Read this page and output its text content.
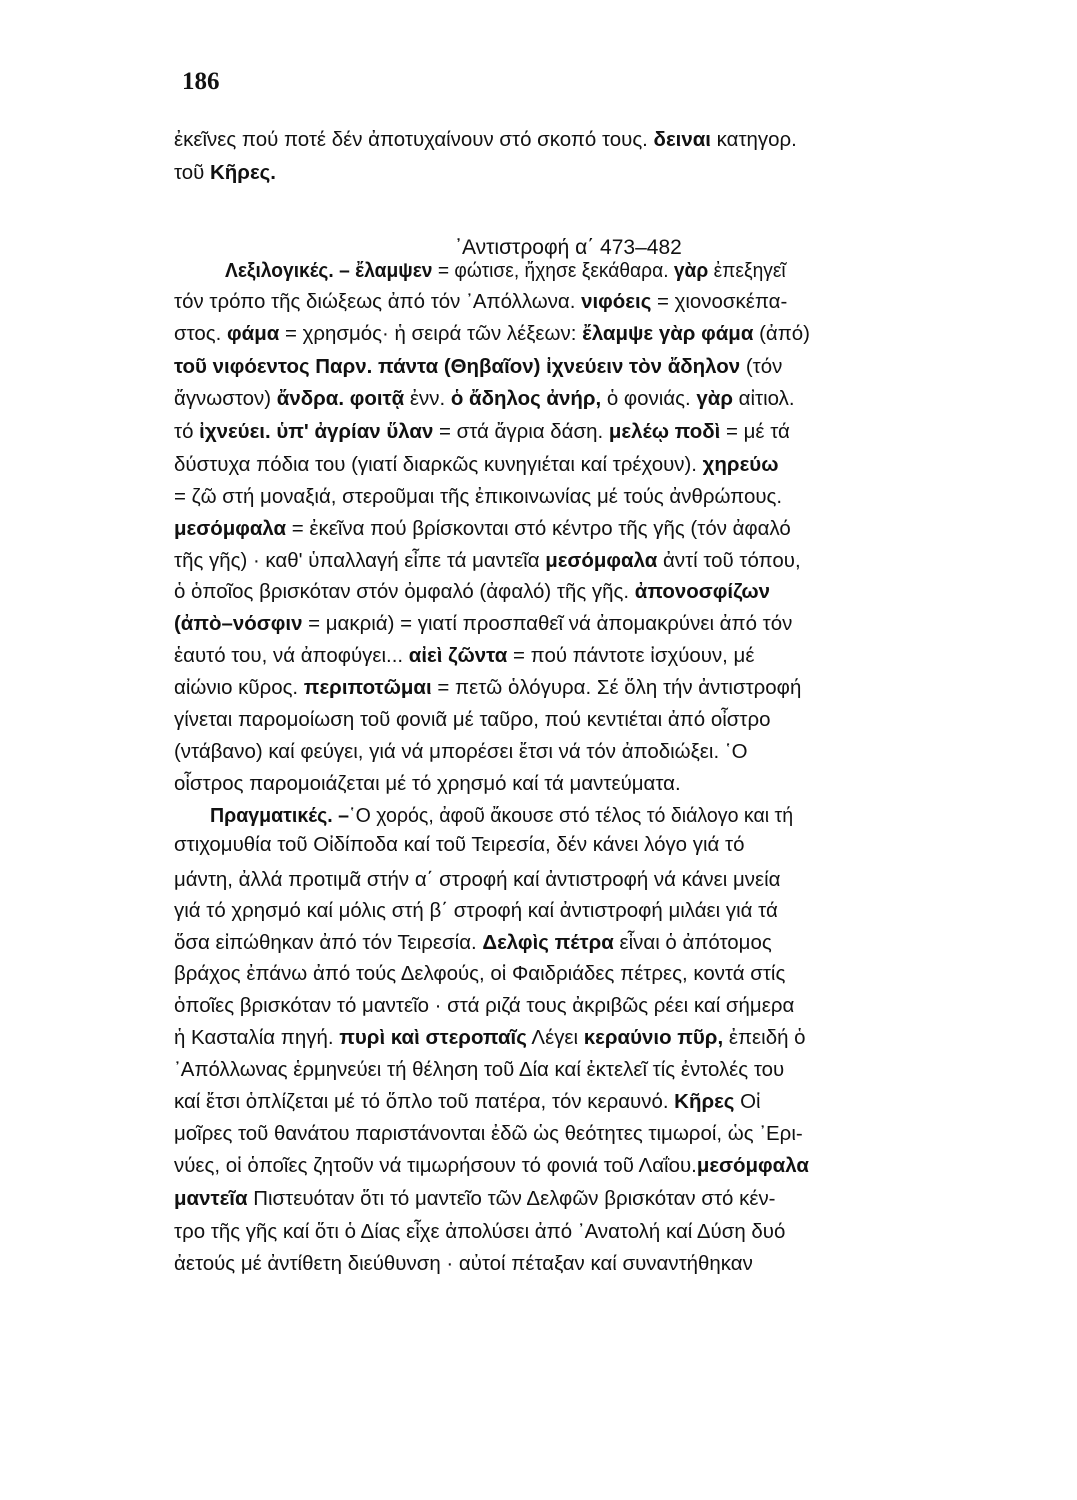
186
᾿Αντιστροφή α΄ 473–482
ἐκεῖνες πού ποτέ δέν ἀποτυχαίνουν στό σκοπό τους. δειναι κατηγορ.
τοῦ Κῆρες.
Λεξιλογικές. – ἔλαμψεν = φώτισε, ἤχησε ξεκάθαρα. γὰρ ἐπεξηγεῖ
τόν τρόπο τῆς διώξεως ἀπό τόν ᾿Απόλλωνα. νιφόεις = χιονοσκέπα-
στος. φάμα = χρησμός· ἡ σειρά τῶν λέξεων: ἔλαμψε γὰρ φάμα (ἀπό)
τοῦ νιφόεντος Παρν. πάντα (Θηβαῖον) ἰχνεύειν τὸν ἄδηλον (τόν
ἄγνωστον) ἄνδρα. φοιτᾷ ἐνν. ὁ ἄδηλος ἀνήρ, ὁ φονιάς. γὰρ αἰτιολ.
τό ἰχνεύει. ὑπ' ἀγρίαν ὕλαν = στά ἄγρια δάση. μελέῳ ποδὶ = μέ τά
δύστυχα πόδια του (γιατί διαρκῶς κυνηγιέται καί τρέχουν). χηρεύω
= ζῶ στή μοναξιά, στεροῦμαι τῆς ἐπικοινωνίας μέ τούς ἀνθρώπους.
μεσόμφαλα = ἐκεῖνα πού βρίσκονται στό κέντρο τῆς γῆς (τόν ἀφαλό
τῆς γῆς) · καθ' ὑπαλλαγή εἶπε τά μαντεῖα μεσόμφαλα ἀντί τοῦ τόπου,
ὁ ὁποῖος βρισκόταν στόν ὀμφαλό (ἀφαλό) τῆς γῆς. ἀπονοσφίζων
(ἀπὸ–νόσφιν = μακριά) = γιατί προσπαθεῖ νά ἀπομακρύνει ἀπό τόν
ἑαυτό του, νά ἀποφύγει... αἰεὶ ζῶντα = πού πάντοτε ἰσχύουν, μέ
αἰώνιο κῦρος. περιποτῶμαι = πετῶ ὁλόγυρα. Σέ ὅλη τήν ἀντιστροφή
γίνεται παρομοίωση τοῦ φονιᾶ μέ ταῦρο, πού κεντιέται ἀπό οἶστρο
(ντάβανο) καί φεύγει, γιά νά μπορέσει ἔτσι νά τόν ἀποδιώξει. ῾Ο
οἶστρος παρομοιάζεται μέ τό χρησμό καί τά μαντεύματα.
Πραγματικές. –῾Ο χορός, ἀφοῦ ἄκουσε στό τέλος τό διάλογο και τή
στιχομυθία τοῦ Οἰδίποδα καί τοῦ Τειρεσία, δέν κάνει λόγο γιά τό
μάντη, ἀλλά προτιμᾶ στήν α΄ στροφή καί ἀντιστροφή νά κάνει μνεία
γιά τό χρησμό καί μόλις στή β΄ στροφή καί ἀντιστροφή μιλάει γιά τά
ὅσα εἰπώθηκαν ἀπό τόν Τειρεσία. Δελφὶς πέτρα εἶναι ὁ ἀπότομος
βράχος ἐπάνω ἀπό τούς Δελφούς, οἱ Φαιδριάδες πέτρες, κοντά στίς
ὁποῖες βρισκόταν τό μαντεῖο · στά ριζά τους ἀκριβῶς ρέει καί σήμερα
ἡ Κασταλία πηγή. πυρὶ καὶ στεροπαῖς Λέγει κεραύνιο πῦρ, ἐπειδή ὁ
᾿Απόλλωνας ἑρμηνεύει τή θέληση τοῦ Δία καί ἐκτελεῖ τίς ἐντολές του
καί ἔτσι ὁπλίζεται μέ τό ὅπλο τοῦ πατέρα, τόν κεραυνό. Κῆρες Οἱ
μοῖρες τοῦ θανάτου παριστάνονται ἐδῶ ὡς θεότητες τιμωροί, ὡς ᾿Ερι-
νύες, οἱ ὁποῖες ζητοῦν νά τιμωρήσουν τό φονιά τοῦ Λαΐου.μεσόμφαλα
μαντεῖα Πιστευόταν ὅτι τό μαντεῖο τῶν Δελφῶν βρισκόταν στό κέν-
τρο τῆς γῆς καί ὅτι ὁ Δίας εἶχε ἀπολύσει ἀπό ᾿Ανατολή καί Δύση δυό
ἀετούς μέ ἀντίθετη διεύθυνση · αὐτοί πέταξαν καί συναντήθηκαν
